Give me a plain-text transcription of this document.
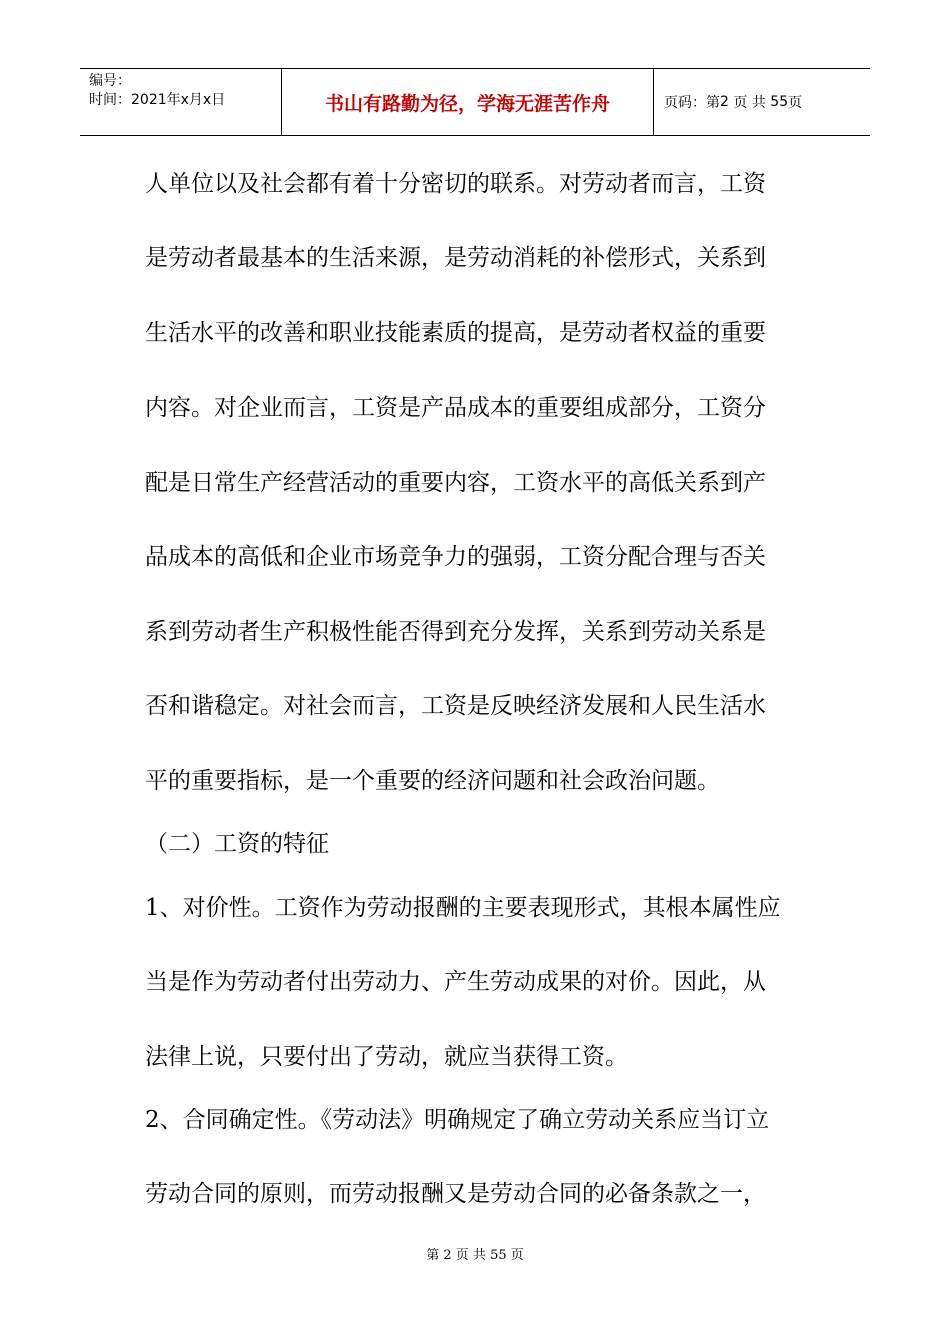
编号：
时间：2021年x月x日	书山有路勤为径，学海无涯苦作舟	页码：第 2
页 共
55 页
人单位以及社会都有着十分密切的联系。对劳动者而言，工资
是劳动者最基本的生活来源，是劳动消耗的补偿形式，关系到
生活水平的改善和职业技能素质的提高，是劳动者权益的重要
内容。对企业而言，工资是产品成本的重要组成部分，工资分
配是日常生产经营活动的重要内容，工资水平的高低关系到产
品成本的高低和企业市场竞争力的强弱，工资分配合理与否关
系到劳动者生产积极性能否得到充分发挥，关系到劳动关系是
否和谐稳定。对社会而言，工资是反映经济发展和人民生活水
平的重要指标，是一个重要的经济问题和社会政治问题。
（二）工资的特征
1、对价性。工资作为劳动报酬的主要表现形式，其根本属性应
当是作为劳动者付出劳动力、产生劳动成果的对价。因此，从
法律上说，只要付出了劳动，就应当获得工资。
2、合同确定性。《劳动法》明确规定了确立劳动关系应当订立
劳动合同的原则，而劳动报酬又是劳动合同的必备条款之一，
第 2 页 共 55 页
